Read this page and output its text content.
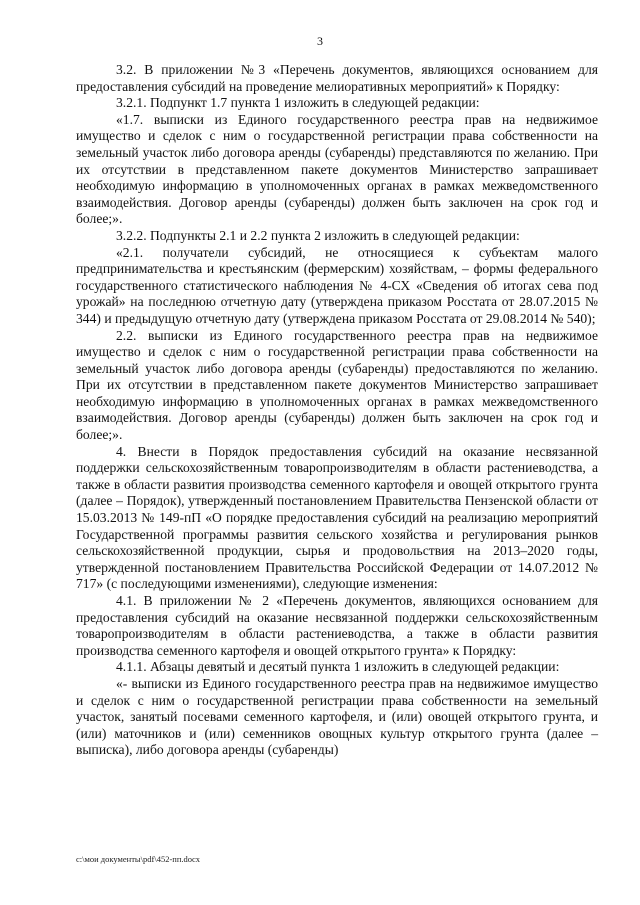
3

3.2. В приложении №3 «Перечень документов, являющихся основанием для предоставления субсидий на проведение мелиоративных мероприятий» к Порядку:

3.2.1. Подпункт 1.7 пункта 1 изложить в следующей редакции:

«1.7. выписки из Единого государственного реестра прав на недвижимое имущество и сделок с ним о государственной регистрации права собственности на земельный участок либо договора аренды (субаренды) представляются по желанию. При их отсутствии в представленном пакете документов Министерство запрашивает необходимую информацию в уполномоченных органах в рамках межведомственного взаимодействия. Договор аренды (субаренды) должен быть заключен на срок год и более;».

3.2.2. Подпункты 2.1 и 2.2 пункта 2 изложить в следующей редакции:

«2.1. получатели субсидий, не относящиеся к субъектам малого предпринимательства и крестьянским (фермерским) хозяйствам, – формы федерального государственного статистического наблюдения № 4-СХ «Сведения об итогах сева под урожай» на последнюю отчетную дату (утверждена приказом Росстата от 28.07.2015 № 344) и предыдущую отчетную дату (утверждена приказом Росстата от 29.08.2014 № 540);

2.2. выписки из Единого государственного реестра прав на недвижимое имущество и сделок с ним о государственной регистрации права собственности на земельный участок либо договора аренды (субаренды) предоставляются по желанию. При их отсутствии в представленном пакете документов Министерство запрашивает необходимую информацию в уполномоченных органах в рамках межведомственного взаимодействия. Договор аренды (субаренды) должен быть заключен на срок год и более;».

4. Внести в Порядок предоставления субсидий на оказание несвязанной поддержки сельскохозяйственным товаропроизводителям в области растениеводства, а также в области развития производства семенного картофеля и овощей открытого грунта (далее – Порядок), утвержденный постановлением Правительства Пензенской области от 15.03.2013 № 149-пП «О порядке предоставления субсидий на реализацию мероприятий Государственной программы развития сельского хозяйства и регулирования рынков сельскохозяйственной продукции, сырья и продовольствия на 2013–2020 годы, утвержденной постановлением Правительства Российской Федерации от 14.07.2012 № 717» (с последующими изменениями), следующие изменения:

4.1. В приложении № 2 «Перечень документов, являющихся основанием для предоставления субсидий на оказание несвязанной поддержки сельскохозяйственным товаропроизводителям в области растениеводства, а также в области развития производства семенного картофеля и овощей открытого грунта» к Порядку:

4.1.1. Абзацы девятый и десятый пункта 1 изложить в следующей редакции:

«- выписки из Единого государственного реестра прав на недвижимое имущество и сделок с ним о государственной регистрации права собственности на земельный участок, занятый посевами семенного картофеля, и (или) овощей открытого грунта, и (или) маточников и (или) семенников овощных культур открытого грунта (далее – выписка), либо договора аренды (субаренды)

c:\мои документы\pdf\452-пп.docx
